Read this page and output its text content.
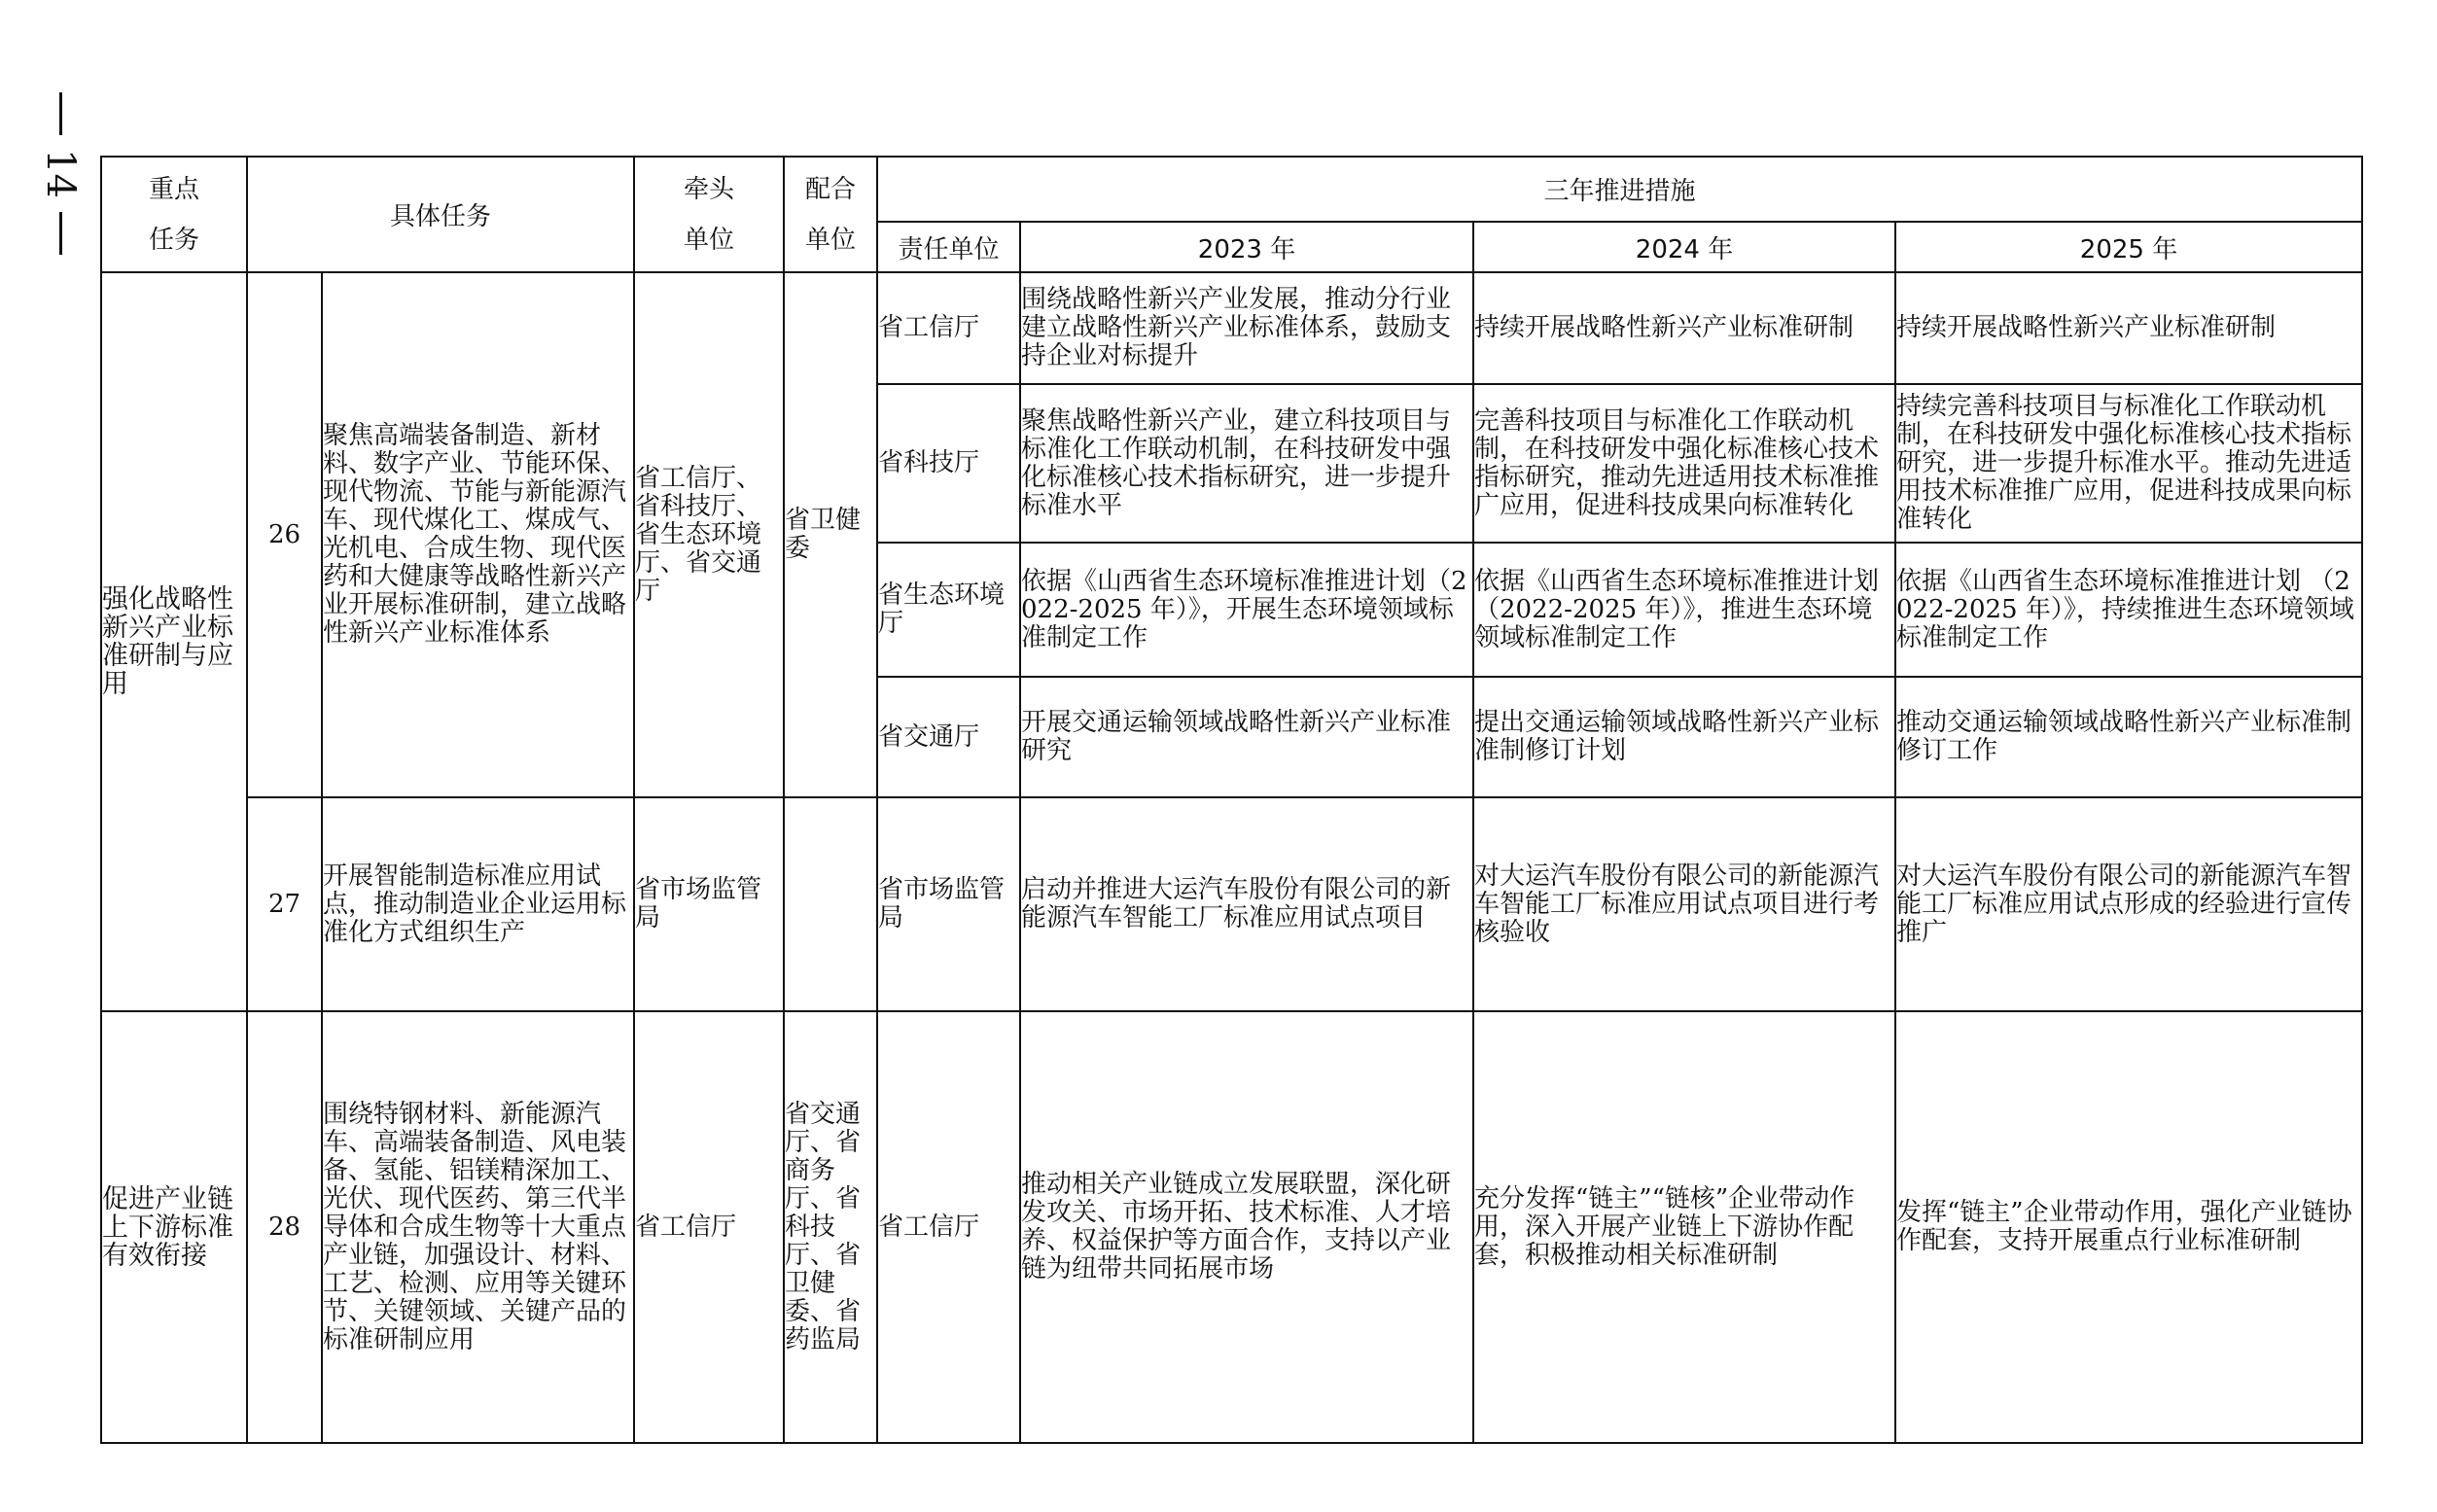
14	重点任务	具体任务		牵头单位	配合单位	三年推进措施			
					责任单位	2023 年	2024 年	2025 年
强化战略性新兴产业标准研制与应用	26	聚焦高端装备制造、新材料、数字产业、节能环保、现代物流、节能与新能源汽车、现代煤化工、煤成气、光机电、合成生物、现代医药和大健康等战略性新兴产业开展标准研制，建立战略性新兴产业标准体系	省工信厅、省科技厅、省生态环境厅、省交通厅	省卫健委	省工信厅	围绕战略性新兴产业发展，推动分行业建立战略性新兴产业标准体系，鼓励支持企业对标提升	持续开展战略性新兴产业标准研制	持续开展战略性新兴产业标准研制
					省科技厅	聚焦战略性新兴产业，建立科技项目与标准化工作联动机制，在科技研发中强化标准核心技术指标研究，进一步提升标准水平	完善科技项目与标准化工作联动机制，在科技研发中强化标准核心技术指标研究，推动先进适用技术标准推广应用，促进科技成果向标准转化	持续完善科技项目与标准化工作联动机制，在科技研发中强化标准核心技术指标研究，进一步提升标准水平。推动先进适用技术标准推广应用，促进科技成果向标准转化
					省生态环境厅	依据《山西省生态环境标准推进计划（2022-2025 年）》，开展生态环境领域标准制定工作	依据《山西省生态环境标准推进计划 （2022-2025 年）》，推进生态环境领域标准制定工作	依据《山西省生态环境标准推进计划 （2022-2025 年）》，持续推进生态环境领域标准制定工作
					省交通厅	开展交通运输领域战略性新兴产业标准研究	提出交通运输领域战略性新兴产业标准制修订计划	推动交通运输领域战略性新兴产业标准制修订工作
	27	开展智能制造标准应用试点，推动制造业企业运用标准化方式组织生产	省市场监管局		省市场监管局	启动并推进大运汽车股份有限公司的新能源汽车智能工厂标准应用试点项目	对大运汽车股份有限公司的新能源汽车智能工厂标准应用试点项目进行考核验收	对大运汽车股份有限公司的新能源汽车智能工厂标准应用试点形成的经验进行宣传推广
促进产业链上下游标准有效衔接	28	围绕特钢材料、新能源汽车、高端装备制造、风电装备、氢能、铝镁精深加工、光伏、现代医药、第三代半导体和合成生物等十大重点产业链，加强设计、材料、工艺、检测、应用等关键环节、关键领域、关键产品的标准研制应用	省工信厅	省交通厅、省商务厅、省科技厅、省卫健委、省药监局	省工信厅	推动相关产业链成立发展联盟，深化研发攻关、市场开拓、技术标准、人才培养、权益保护等方面合作，支持以产业链为纽带共同拓展市场	充分发挥“链主”“链核”企业带动作用，深入开展产业链上下游协作配套，积极推动相关标准研制	发挥“链主”企业带动作用，强化产业链协作配套，支持开展重点行业标准研制
